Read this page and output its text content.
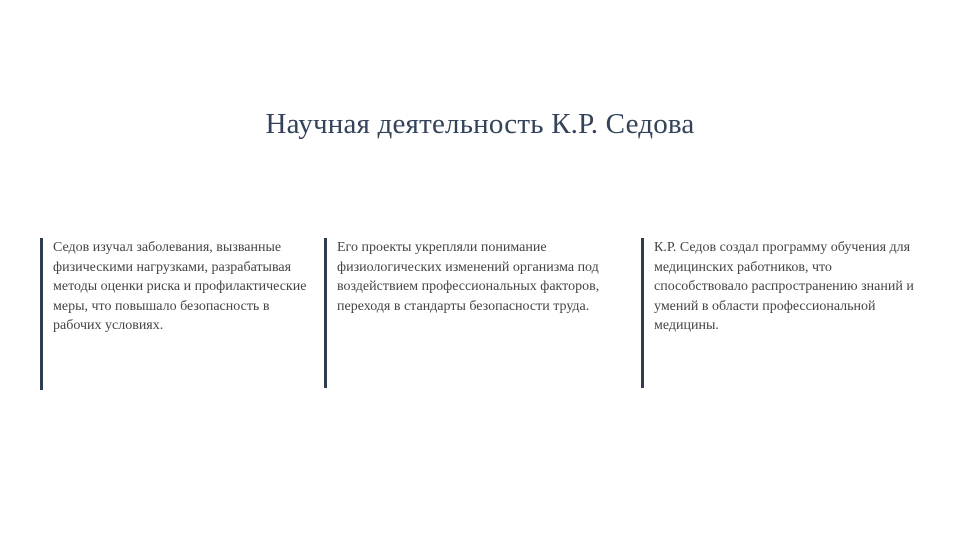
Научная деятельность К.Р. Седова
Седов изучал заболевания, вызванные физическими нагрузками, разрабатывая методы оценки риска и профилактические меры, что повышало безопасность в рабочих условиях.
Его проекты укрепляли понимание физиологических изменений организма под воздействием профессиональных факторов, переходя в стандарты безопасности труда.
К.Р. Седов создал программу обучения для медицинских работников, что способствовало распространению знаний и умений в области профессиональной медицины.
